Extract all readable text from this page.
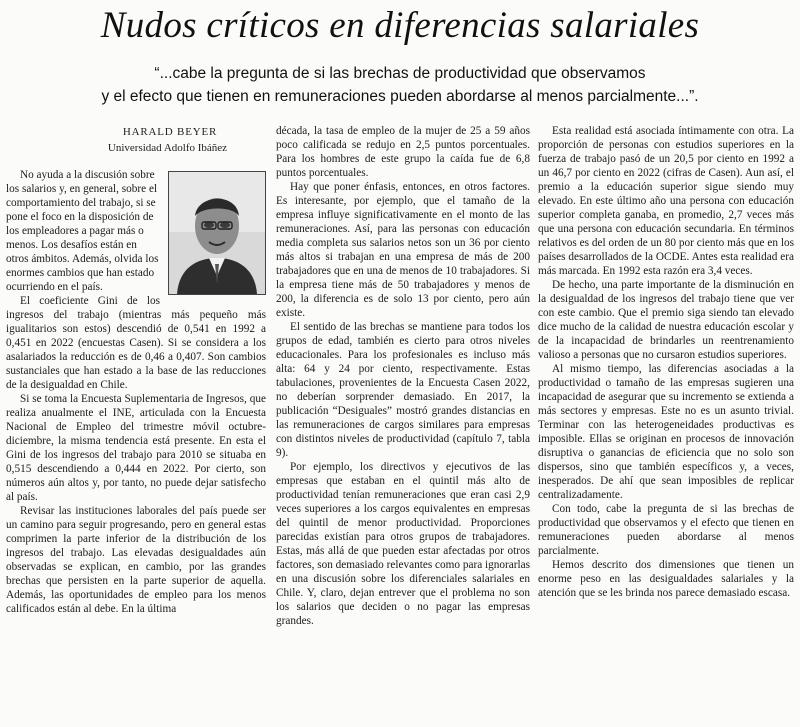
Nudos críticos en diferencias salariales
“...cabe la pregunta de si las brechas de productividad que observamos
y el efecto que tienen en remuneraciones pueden abordarse al menos parcialmente...”.
HARALD BEYER
Universidad Adolfo Ibáñez

No ayuda a la discusión sobre los salarios y, en general, sobre el comportamiento del trabajo, si se pone el foco en la disposición de los empleadores a pagar más o menos. Los desafíos están en otros ámbitos. Además, olvida los enormes cambios que han estado ocurriendo en el país.

El coeficiente Gini de los ingresos del trabajo (mientras más pequeño más igualitarios son estos) descendió de 0,541 en 1992 a 0,451 en 2022 (encuestas Casen). Si se considera a los asalariados la reducción es de 0,46 a 0,407. Son cambios sustanciales que han estado a la base de las reducciones de la desigualdad en Chile.

Si se toma la Encuesta Suplementaria de Ingresos, que realiza anualmente el INE, articulada con la Encuesta Nacional de Empleo del trimestre móvil octubre-diciembre, la misma tendencia está presente. En esta el Gini de los ingresos del trabajo para 2010 se situaba en 0,515 descendiendo a 0,444 en 2022. Por cierto, son números aún altos y, por tanto, no puede dejar satisfecho al país.

Revisar las instituciones laborales del país puede ser un camino para seguir progresando, pero en general estas comprimen la parte inferior de la distribución de los ingresos del trabajo. Las elevadas desigualdades aún observadas se explican, en cambio, por las grandes brechas que persisten en la parte superior de aquella. Además, las oportunidades de empleo para los menos calificados están al debe. En la última

década, la tasa de empleo de la mujer de 25 a 59 años poco calificada se redujo en 2,5 puntos porcentuales. Para los hombres de este grupo la caída fue de 6,8 puntos porcentuales.

Hay que poner énfasis, entonces, en otros factores. Es interesante, por ejemplo, que el tamaño de la empresa influye significativamente en el monto de las remuneraciones. Así, para las personas con educación media completa sus salarios netos son un 36 por ciento más altos si trabajan en una empresa de más de 200 trabajadores que en una de menos de 10 trabajadores. Si la empresa tiene más de 50 trabajadores y menos de 200, la diferencia es de solo 13 por ciento, pero aún existe.

El sentido de las brechas se mantiene para todos los grupos de edad, también es cierto para otros niveles educacionales. Para los profesionales es incluso más alta: 64 y 24 por ciento, respectivamente. Estas tabulaciones, provenientes de la Encuesta Casen 2022, no deberían sorprender demasiado. En 2017, la publicación “Desiguales” mostró grandes distancias en las remuneraciones de cargos similares para empresas con distintos niveles de productividad (capítulo 7, tabla 9).

Por ejemplo, los directivos y ejecutivos de las empresas que estaban en el quintil más alto de productividad tenían remuneraciones que eran casi 2,9 veces superiores a los cargos equivalentes en empresas del quintil de menor productividad. Proporciones parecidas existían para otros grupos de trabajadores. Estas, más allá de que pueden estar afectadas por otros factores, son demasiado relevantes como para ignorarlas en una discusión sobre los diferenciales salariales en Chile. Y, claro, dejan entrever que el problema no son los salarios que deciden o no pagar las empresas grandes.

Esta realidad está asociada íntimamente con otra. La proporción de personas con estudios superiores en la fuerza de trabajo pasó de un 20,5 por ciento en 1992 a un 46,7 por ciento en 2022 (cifras de Casen). Aun así, el premio a la educación superior sigue siendo muy elevado. En este último año una persona con educación superior completa ganaba, en promedio, 2,7 veces más que una persona con educación secundaria. En términos relativos es del orden de un 80 por ciento más que en los países desarrollados de la OCDE. Antes esta realidad era más marcada. En 1992 esta razón era 3,4 veces.

De hecho, una parte importante de la disminución en la desigualdad de los ingresos del trabajo tiene que ver con este cambio. Que el premio siga siendo tan elevado dice mucho de la calidad de nuestra educación escolar y de la incapacidad de brindarles un reentrenamiento valioso a personas que no cursaron estudios superiores.

Al mismo tiempo, las diferencias asociadas a la productividad o tamaño de las empresas sugieren una incapacidad de asegurar que su incremento se extienda a más sectores y empresas. Este no es un asunto trivial. Terminar con las heterogeneidades productivas es imposible. Ellas se originan en procesos de innovación disruptiva o ganancias de eficiencia que no solo son dispersos, sino que también específicos y, a veces, inesperados. De ahí que sean imposibles de replicar centralizadamente.

Con todo, cabe la pregunta de si las brechas de productividad que observamos y el efecto que tienen en remuneraciones pueden abordarse al menos parcialmente.

Hemos descrito dos dimensiones que tienen un enorme peso en las desigualdades salariales y la atención que se les brinda nos parece demasiado escasa.
